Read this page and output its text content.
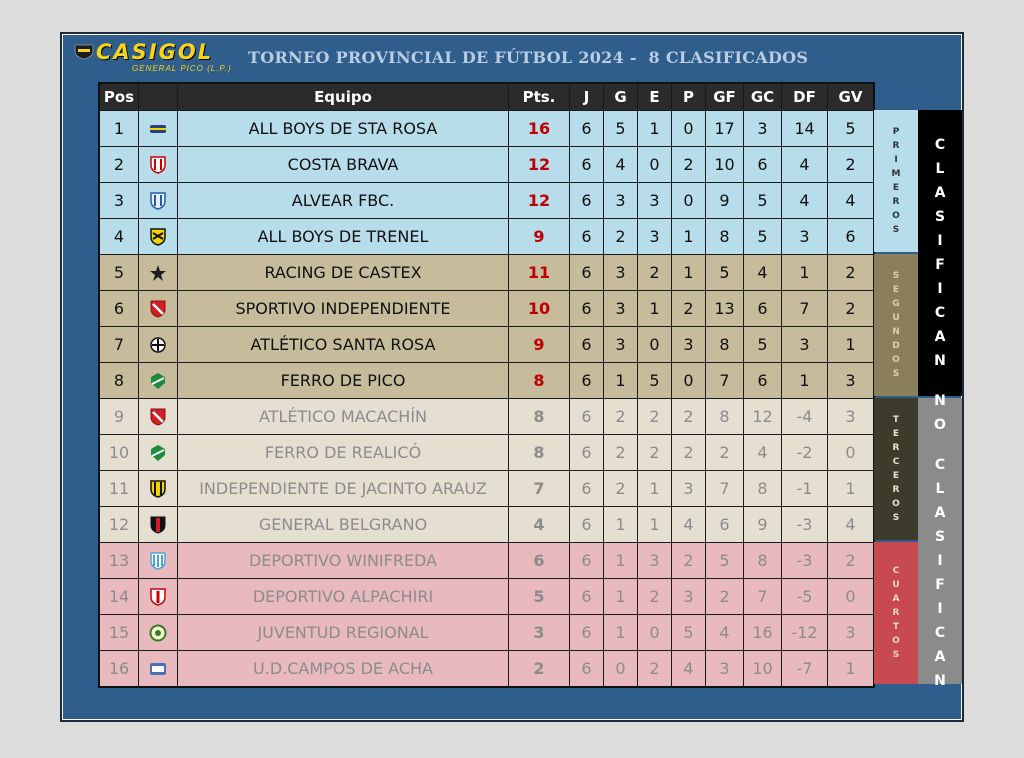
CASIGOL
GENERAL PICO (L.P.)
TORNEO PROVINCIAL DE FÚTBOL 2024 -  8 CLASIFICADOS
Pos		Equipo	Pts.	J	G	E	P	GF	GC	DF	GV
1		ALL BOYS DE STA ROSA	16	6	5	1	0	17	3	14	5
2		COSTA BRAVA	12	6	4	0	2	10	6	4	2
3		ALVEAR FBC.	12	6	3	3	0	9	5	4	4
4		ALL BOYS DE TRENEL	9	6	2	3	1	8	5	3	6
5		RACING DE CASTEX	11	6	3	2	1	5	4	1	2
6		SPORTIVO INDEPENDIENTE	10	6	3	1	2	13	6	7	2
7		ATLÉTICO SANTA ROSA	9	6	3	0	3	8	5	3	1
8		FERRO DE PICO	8	6	1	5	0	7	6	1	3
9		ATLÉTICO MACACHÍN	8	6	2	2	2	8	12	-4	3
10		FERRO DE REALICÓ	8	6	2	2	2	2	4	-2	0
11		INDEPENDIENTE DE JACINTO ARAUZ	7	6	2	1	3	7	8	-1	1
12		GENERAL BELGRANO	4	6	1	1	4	6	9	-3	4
13		DEPORTIVO WINIFREDA	6	6	1	3	2	5	8	-3	2
14		DEPORTIVO ALPACHIRI	5	6	1	2	3	2	7	-5	0
15		JUVENTUD REGIONAL	3	6	1	0	5	4	16	-12	3
16		U.D.CAMPOS DE ACHA	2	6	0	2	4	3	10	-7	1
P
R
I
M
E
R
O
S
S
E
G
U
N
D
O
S
T
E
R
C
E
R
O
S
C
U
A
R
T
O
S
C
L
A
S
I
F
I
C
A
N
N
O

C
L
A
S
I
F
I
C
A
N
